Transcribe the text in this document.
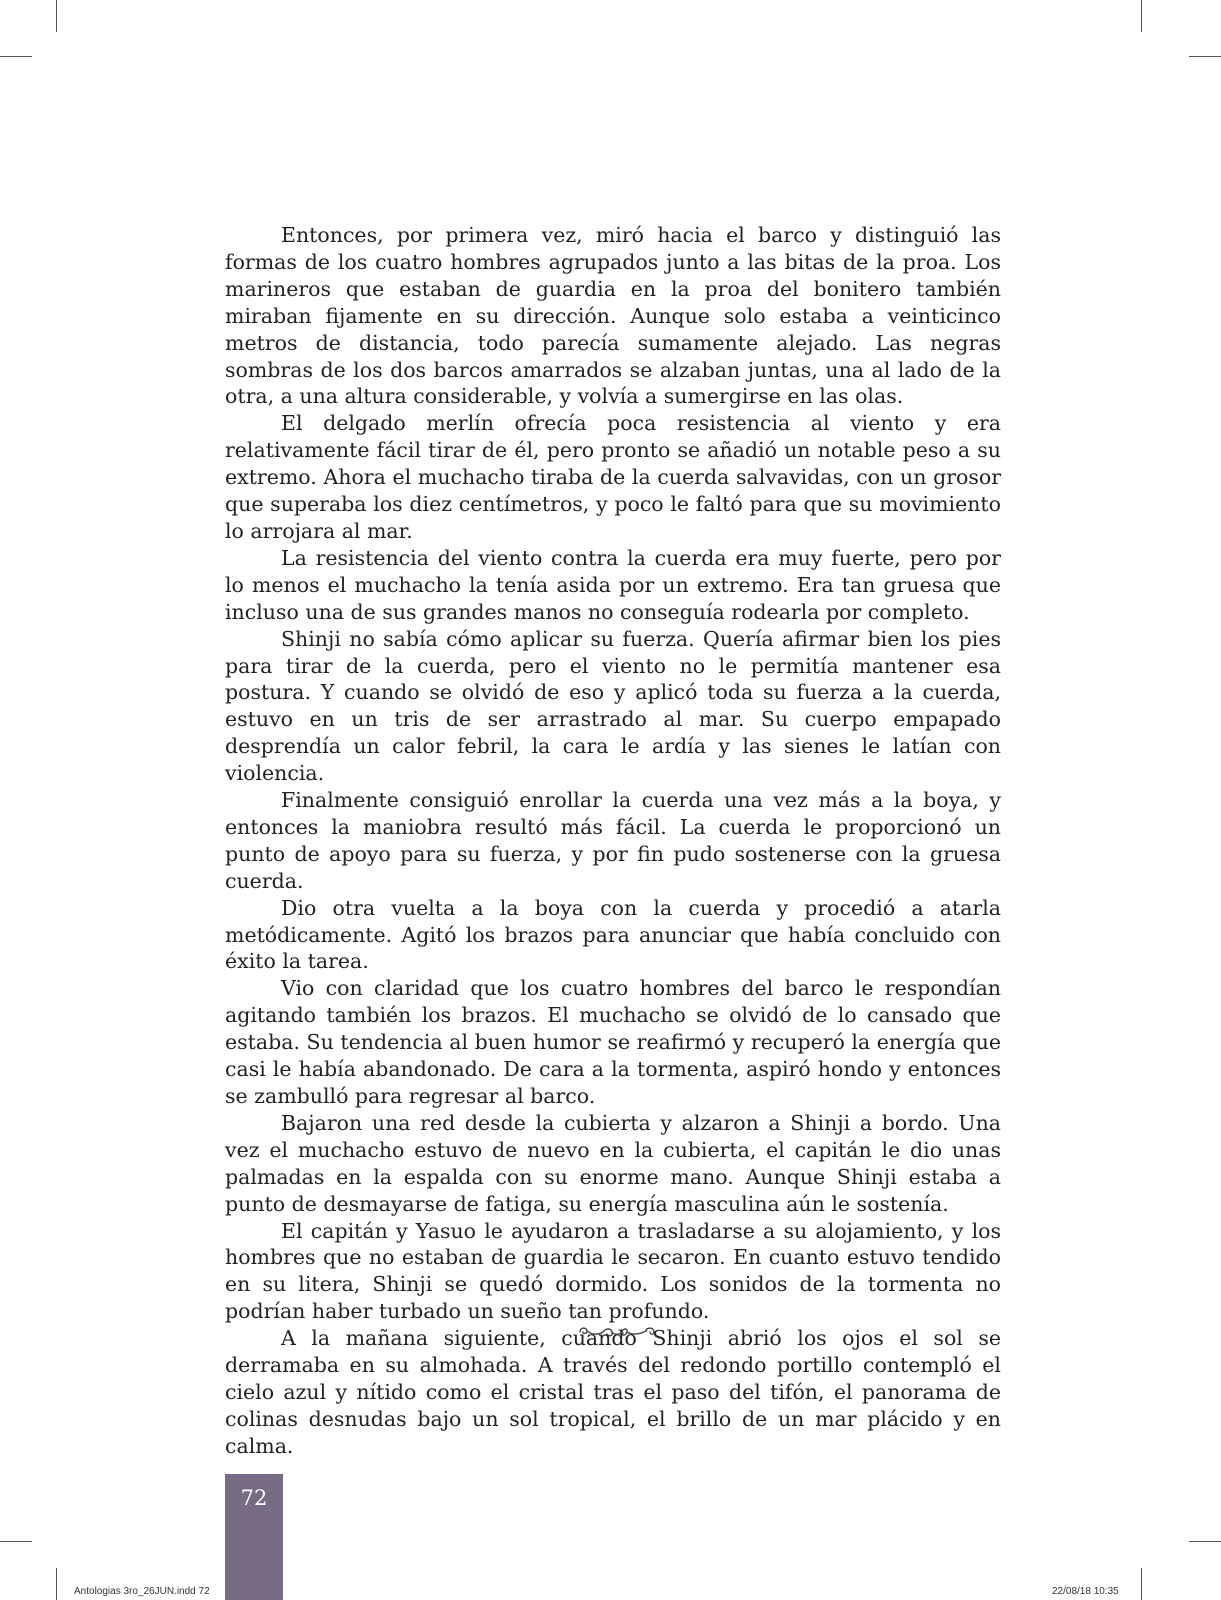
Entonces, por primera vez, miró hacia el barco y distinguió las formas de los cuatro hombres agrupados junto a las bitas de la proa. Los marineros que estaban de guardia en la proa del bonitero también miraban fijamente en su dirección. Aunque solo estaba a veinticinco metros de distancia, todo parecía sumamente alejado. Las negras sombras de los dos barcos amarrados se alzaban juntas, una al lado de la otra, a una altura considerable, y volvía a sumergirse en las olas.

El delgado merlín ofrecía poca resistencia al viento y era relativamente fácil tirar de él, pero pronto se añadió un notable peso a su extremo. Ahora el muchacho tiraba de la cuerda salvavidas, con un grosor que superaba los diez centímetros, y poco le faltó para que su movimiento lo arrojara al mar.

La resistencia del viento contra la cuerda era muy fuerte, pero por lo menos el muchacho la tenía asida por un extremo. Era tan gruesa que incluso una de sus grandes manos no conseguía rodearla por completo.

Shinji no sabía cómo aplicar su fuerza. Quería afirmar bien los pies para tirar de la cuerda, pero el viento no le permitía mantener esa postura. Y cuando se olvidó de eso y aplicó toda su fuerza a la cuerda, estuvo en un tris de ser arrastrado al mar. Su cuerpo empapado desprendía un calor febril, la cara le ardía y las sienes le latían con violencia.

Finalmente consiguió enrollar la cuerda una vez más a la boya, y entonces la maniobra resultó más fácil. La cuerda le proporcionó un punto de apoyo para su fuerza, y por fin pudo sostenerse con la gruesa cuerda.

Dio otra vuelta a la boya con la cuerda y procedió a atarla metódicamente. Agitó los brazos para anunciar que había concluido con éxito la tarea.

Vio con claridad que los cuatro hombres del barco le respondían agitando también los brazos. El muchacho se olvidó de lo cansado que estaba. Su tendencia al buen humor se reafirmó y recuperó la energía que casi le había abandonado. De cara a la tormenta, aspiró hondo y entonces se zambulló para regresar al barco.

Bajaron una red desde la cubierta y alzaron a Shinji a bordo. Una vez el muchacho estuvo de nuevo en la cubierta, el capitán le dio unas palmadas en la espalda con su enorme mano. Aunque Shinji estaba a punto de desmayarse de fatiga, su energía masculina aún le sostenía.

El capitán y Yasuo le ayudaron a trasladarse a su alojamiento, y los hombres que no estaban de guardia le secaron. En cuanto estuvo tendido en su litera, Shinji se quedó dormido. Los sonidos de la tormenta no podrían haber turbado un sueño tan profundo.

A la mañana siguiente, cuando Shinji abrió los ojos el sol se derramaba en su almohada. A través del redondo portillo contempló el cielo azul y nítido como el cristal tras el paso del tifón, el panorama de colinas desnudas bajo un sol tropical, el brillo de un mar plácido y en calma.

72
Antologias 3ro_26JUN.indd 72	22/08/18 10:35
